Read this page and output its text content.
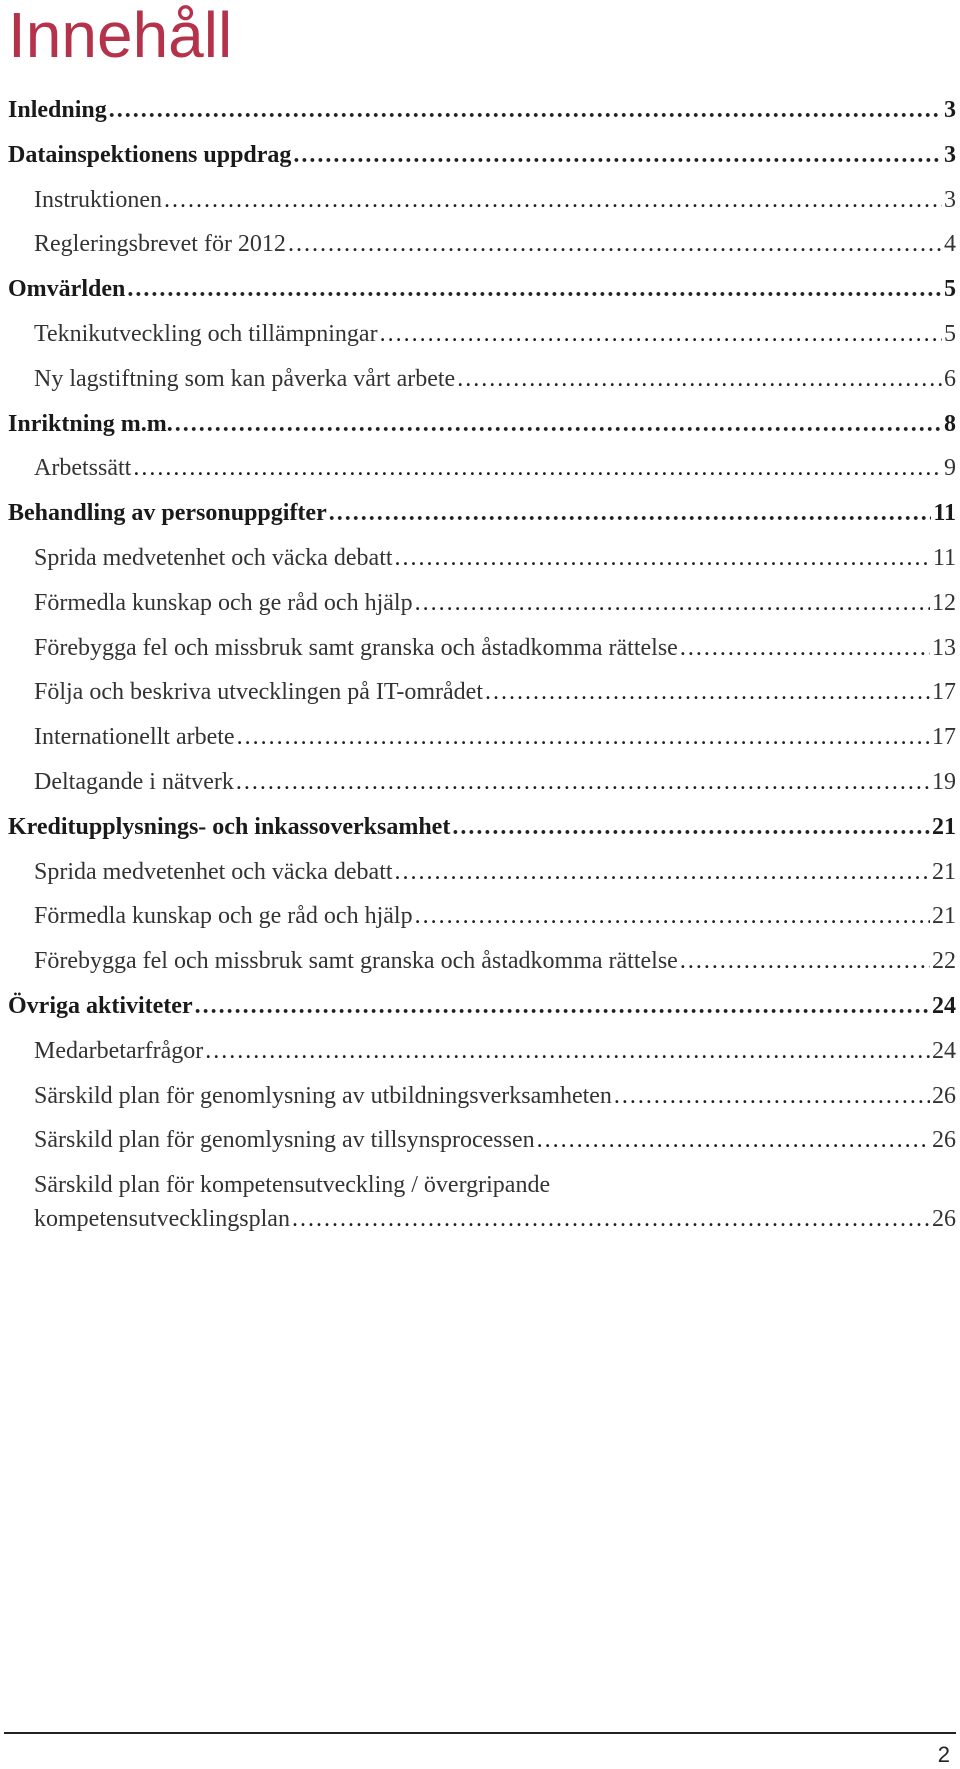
Innehåll
Inledning . . .	3
Datainspektionens uppdrag . . .	3
Instruktionen . . .	3
Regleringsbrevet för 2012 . . .	4
Omvärlden . . .	5
Teknikutveckling och tillämpningar . . .	5
Ny lagstiftning som kan påverka vårt arbete . . .	6
Inriktning m.m. . . .	8
Arbetssätt . . .	9
Behandling av personuppgifter . . .	11
Sprida medvetenhet och väcka debatt . . .	11
Förmedla kunskap och ge råd och hjälp . . .	12
Förebygga fel och missbruk samt granska och åstadkomma rättelse . . .	13
Följa och beskriva utvecklingen på IT-området . . .	17
Internationellt arbete . . .	17
Deltagande i nätverk . . .	19
Kreditupplysnings- och inkassoverksamhet . . .	21
Sprida medvetenhet och väcka debatt . . .	21
Förmedla kunskap och ge råd och hjälp . . .	21
Förebygga fel och missbruk samt granska och åstadkomma rättelse . . .	22
Övriga aktiviteter . . .	24
Medarbetarfrågor . . .	24
Särskild plan för genomlysning av utbildningsverksamheten . . .	26
Särskild plan för genomlysning av tillsynsprocessen . . .	26
Särskild plan för kompetensutveckling / övergripande
kompetensutvecklingsplan . . .	26
2
